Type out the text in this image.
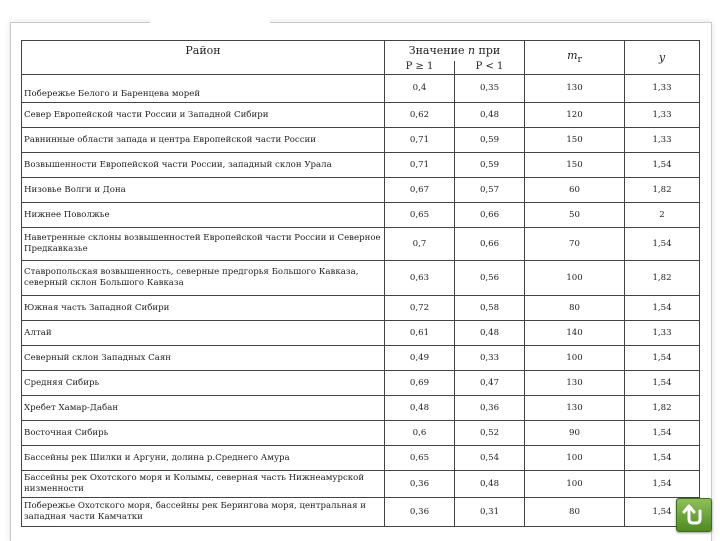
Район	Значение n при		$m_r$	y
	P ≥ 1	P < 1		
Побережье Белого и Баренцева морей	0,4	0,35	130	1,33
Север Европейской части России и Западной Сибири	0,62	0,48	120	1,33
Равнинные области запада и центра Европейской части России	0,71	0,59	150	1,33
Возвышенности Европейской части России, западный склон Урала	0,71	0,59	150	1,54
Низовье Волги и Дона	0,67	0,57	60	1,82
Нижнее Поволжье	0,65	0,66	50	2
Наветренные склоны возвышенностей Европейской части России и Северное Предкавказье	0,7	0,66	70	1,54
Ставропольская возвышенность, северные предгорья Большого Кавказа, северный склон Большого Кавказа	0,63	0,56	100	1,82
Южная часть Западной Сибири	0,72	0,58	80	1,54
Алтай	0,61	0,48	140	1,33
Северный склон Западных Саян	0,49	0,33	100	1,54
Средняя Сибирь	0,69	0,47	130	1,54
Хребет Хамар-Дабан	0,48	0,36	130	1,82
Восточная Сибирь	0,6	0,52	90	1,54
Бассейны рек Шилки и Аргуни, долина р.Среднего Амура	0,65	0,54	100	1,54
Бассейны рек Охотского моря и Колымы, северная часть Нижнеамурской низменности	0,36	0,48	100	1,54
Побережье Охотского моря, бассейны рек Берингова моря, центральная и западная части Камчатки	0,36	0,31	80	1,54
